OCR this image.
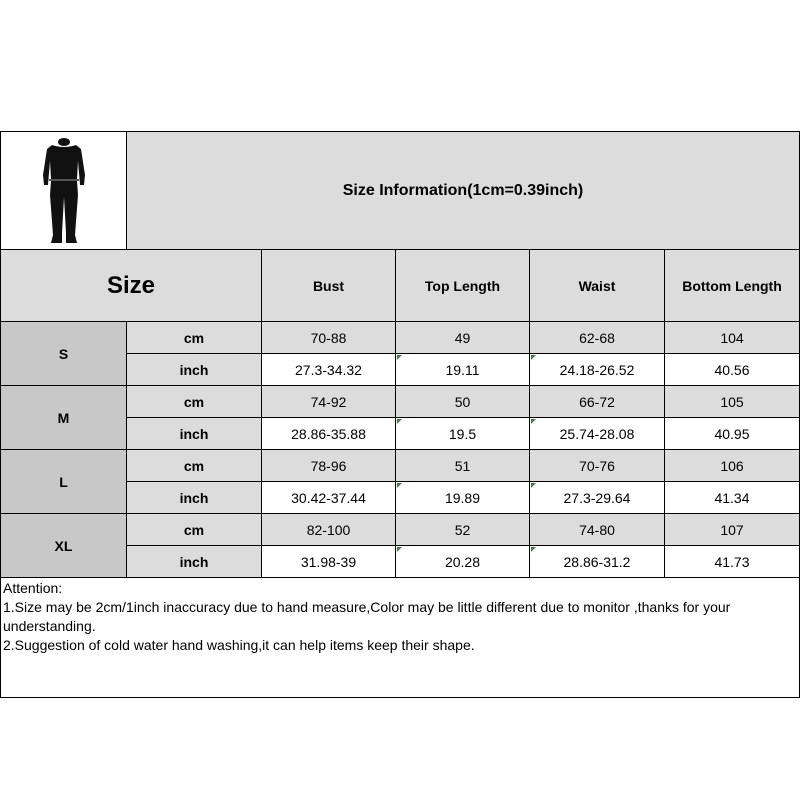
Size Information(1cm=0.39inch)
Size	Bust	Top Length	Waist	Bottom Length
S
cm	70-88	49	62-68	104
inch	27.3-34.32	19.11	24.18-26.52	40.56
M
cm	74-92	50	66-72	105
inch	28.86-35.88	19.5	25.74-28.08	40.95
L
cm	78-96	51	70-76	106
inch	30.42-37.44	19.89	27.3-29.64	41.34
XL
cm	82-100	52	74-80	107
inch	31.98-39	20.28	28.86-31.2	41.73
Attention:
1.Size may be 2cm/1inch inaccuracy due to hand measure,Color may be little different due to monitor ,thanks for your understanding.
2.Suggestion of cold water hand washing,it can help items keep their shape.
